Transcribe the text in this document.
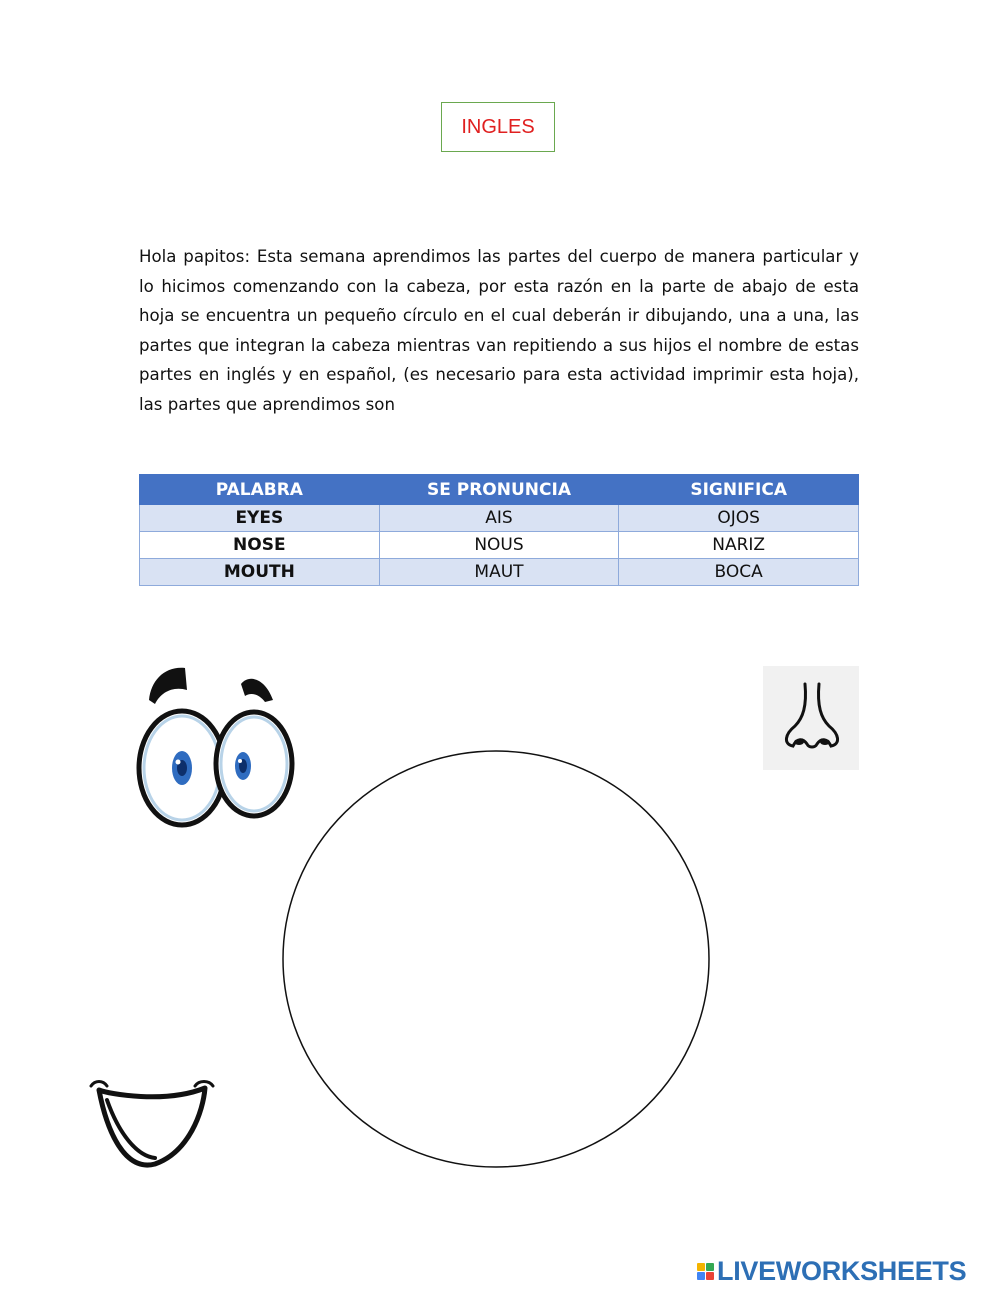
INGLES

Hola papitos: Esta semana aprendimos las partes del cuerpo de manera particular y lo hicimos comenzando con la cabeza, por esta razón en la parte de abajo de esta hoja se encuentra un pequeño círculo en el cual deberán ir dibujando, una a una, las partes que integran la cabeza mientras van repitiendo a sus hijos el nombre de estas partes en inglés y en español, (es necesario para esta actividad imprimir esta hoja), las partes que aprendimos son

PALABRA	SE PRONUNCIA	SIGNIFICA
EYES	AIS	OJOS
NOSE	NOUS	NARIZ
MOUTH	MAUT	BOCA
LIVEWORKSHEETS
